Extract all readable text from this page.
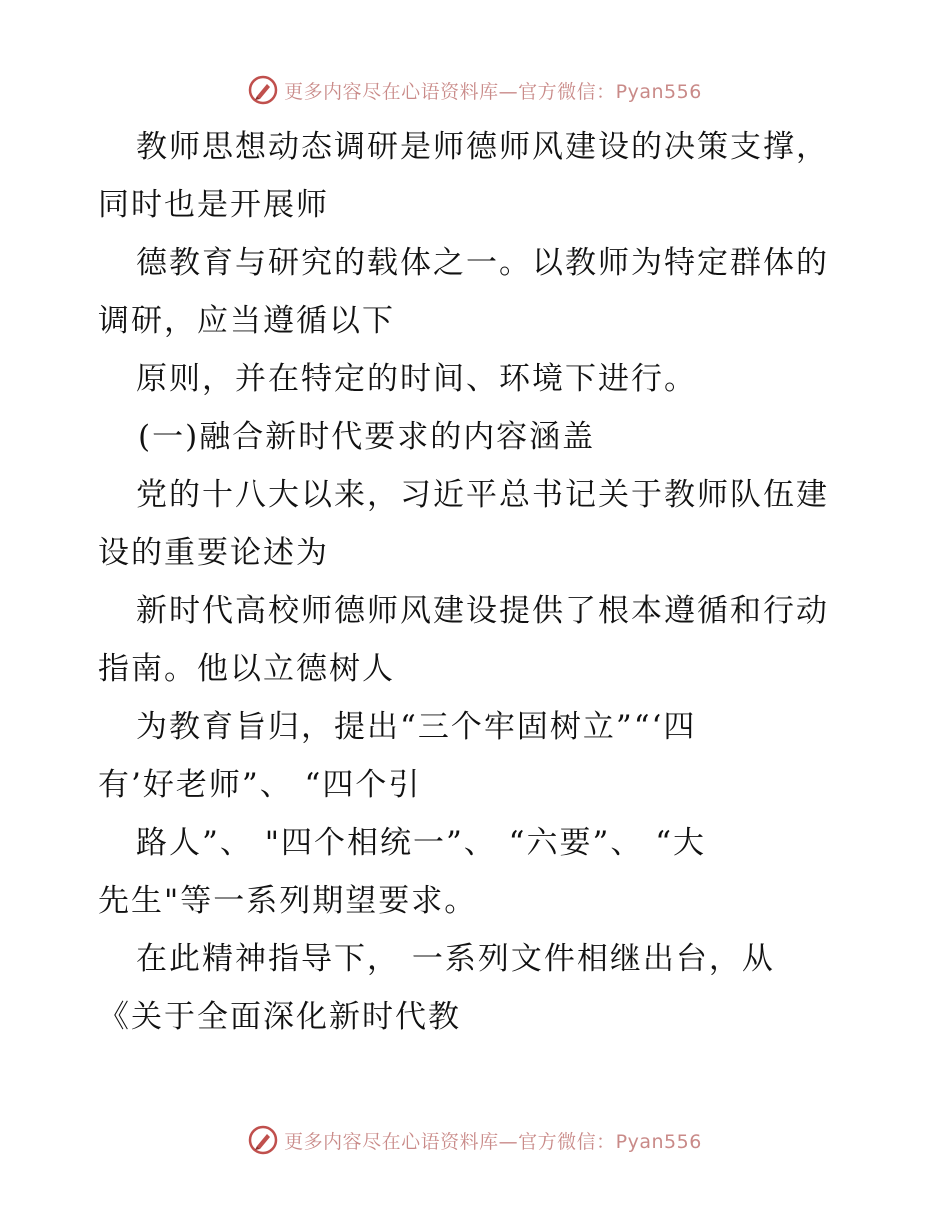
更多内容尽在心语资料库—官方微信：Pyan556
教师思想动态调研是师德师风建设的决策支撑，
同时也是开展师
德教育与研究的载体之一。以教师为特定群体的
调研，应当遵循以下
原则，并在特定的时间、环境下进行。
(一)融合新时代要求的内容涵盖
党的十八大以来，习近平总书记关于教师队伍建
设的重要论述为
新时代高校师德师风建设提供了根本遵循和行动
指南。他以立德树人
为教育旨归，提出“三个牢固树立”“‘四
有’好老师”、 “四个引
路人”、 "四个相统一”、 “六要”、 “大
先生"等一系列期望要求。
在此精神指导下， 一系列文件相继出台，从
《关于全面深化新时代教
更多内容尽在心语资料库—官方微信：Pyan556
